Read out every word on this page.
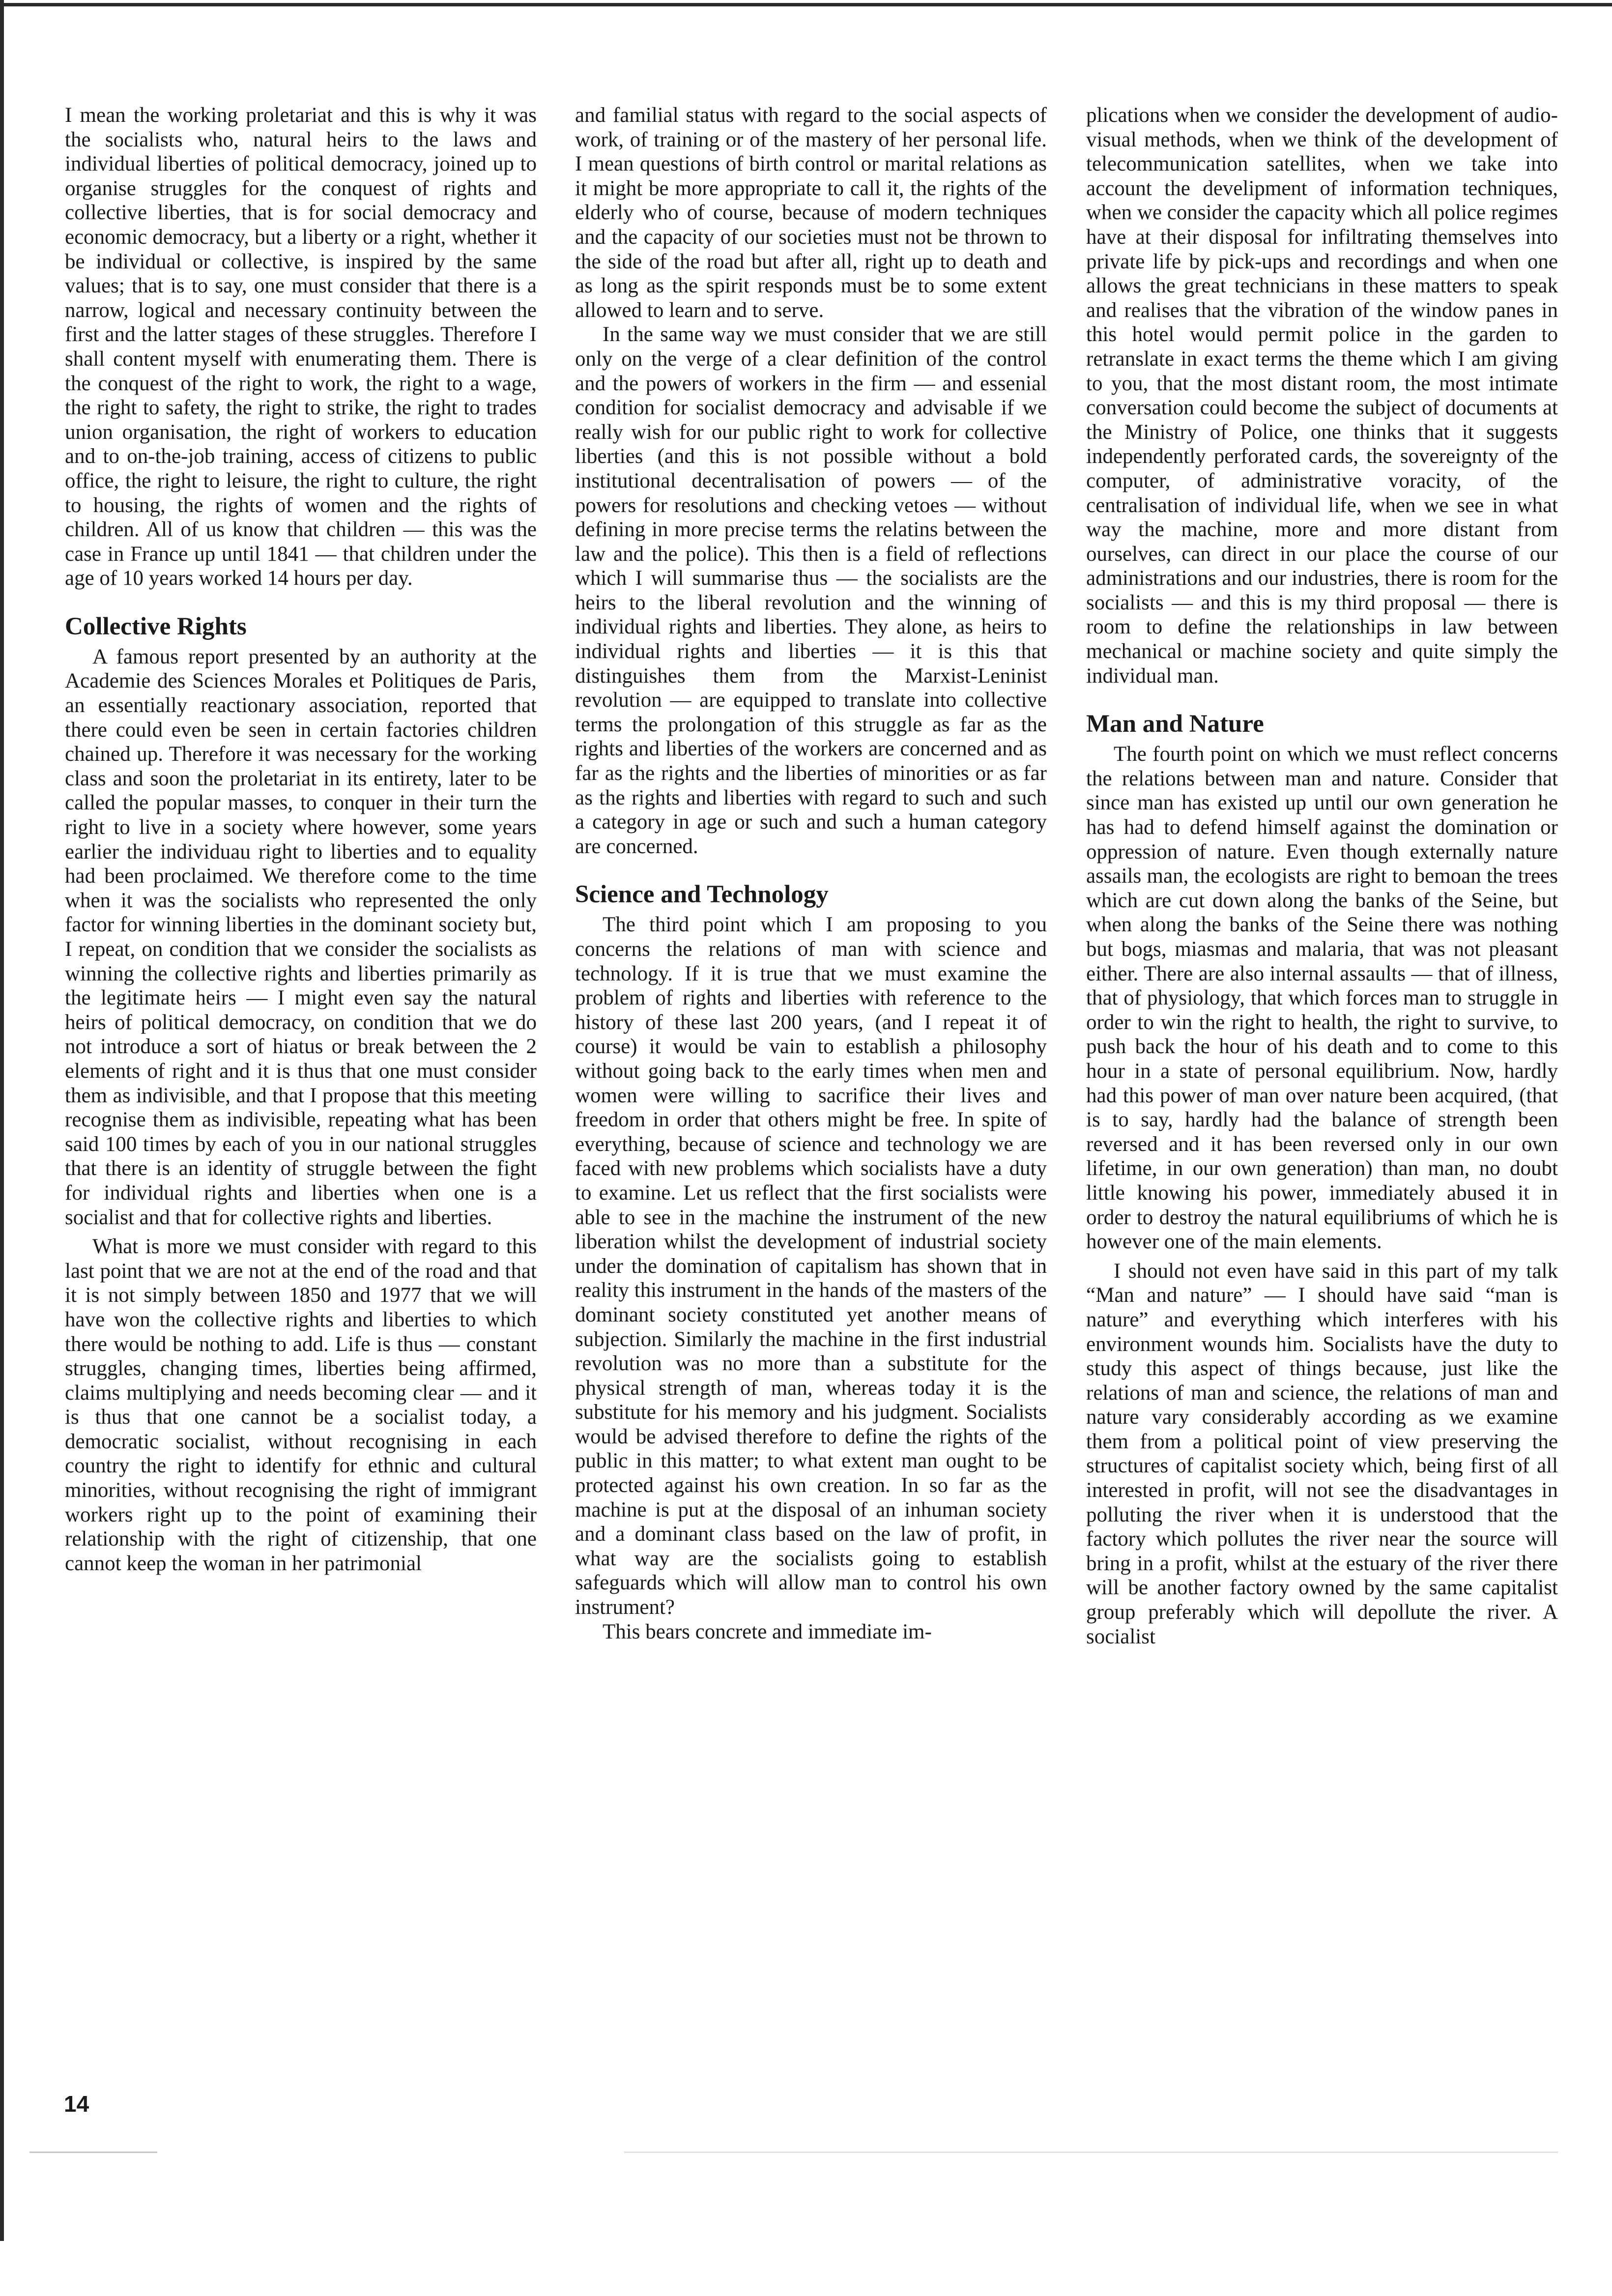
I mean the working proletariat and this is why it was the socialists who, natural heirs to the laws and individual liberties of political democracy, joined up to organise struggles for the conquest of rights and collective liberties, that is for social democracy and economic democracy, but a liberty or a right, whether it be individual or collective, is inspired by the same values; that is to say, one must consider that there is a narrow, logical and necessary continuity between the first and the latter stages of these struggles. Therefore I shall content myself with enumerating them. There is the conquest of the right to work, the right to a wage, the right to safety, the right to strike, the right to trades union organisation, the right of workers to education and to on-the-job training, access of citizens to public office, the right to leisure, the right to culture, the right to housing, the rights of women and the rights of children. All of us know that children — this was the case in France up until 1841 — that children under the age of 10 years worked 14 hours per day.

Collective Rights

A famous report presented by an authority at the Academie des Sciences Morales et Politiques de Paris, an essentially reactionary association, reported that there could even be seen in certain factories children chained up. Therefore it was necessary for the working class and soon the proletariat in its entirety, later to be called the popular masses, to conquer in their turn the right to live in a society where however, some years earlier the individuau right to liberties and to equality had been proclaimed. We therefore come to the time when it was the socialists who represented the only factor for winning liberties in the dominant society but, I repeat, on condition that we consider the socialists as winning the collective rights and liberties primarily as the legitimate heirs — I might even say the natural heirs of political democracy, on condition that we do not introduce a sort of hiatus or break between the 2 elements of right and it is thus that one must consider them as indivisible, and that I propose that this meeting recognise them as indivisible, repeating what has been said 100 times by each of you in our national struggles that there is an identity of struggle between the fight for individual rights and liberties when one is a socialist and that for collective rights and liberties.

What is more we must consider with regard to this last point that we are not at the end of the road and that it is not simply between 1850 and 1977 that we will have won the collective rights and liberties to which there would be nothing to add. Life is thus — constant struggles, changing times, liberties being affirmed, claims multiplying and needs becoming clear — and it is thus that one cannot be a socialist today, a democratic socialist, without recognising in each country the right to identify for ethnic and cultural minorities, without recognising the right of immigrant workers right up to the point of examining their relationship with the right of citizenship, that one cannot keep the woman in her patrimonial

and familial status with regard to the social aspects of work, of training or of the mastery of her personal life. I mean questions of birth control or marital relations as it might be more appropriate to call it, the rights of the elderly who of course, because of modern techniques and the capacity of our societies must not be thrown to the side of the road but after all, right up to death and as long as the spirit responds must be to some extent allowed to learn and to serve.

In the same way we must consider that we are still only on the verge of a clear definition of the control and the powers of workers in the firm — and essenial condition for socialist democracy and advisable if we really wish for our public right to work for collective liberties (and this is not possible without a bold institutional decentralisation of powers — of the powers for resolutions and checking vetoes — without defining in more precise terms the relatins between the law and the police). This then is a field of reflections which I will summarise thus — the socialists are the heirs to the liberal revolution and the winning of individual rights and liberties. They alone, as heirs to individual rights and liberties — it is this that distinguishes them from the Marxist-Leninist revolution — are equipped to translate into collective terms the prolongation of this struggle as far as the rights and liberties of the workers are concerned and as far as the rights and the liberties of minorities or as far as the rights and liberties with regard to such and such a category in age or such and such a human category are concerned.

Science and Technology

The third point which I am proposing to you concerns the relations of man with science and technology. If it is true that we must examine the problem of rights and liberties with reference to the history of these last 200 years, (and I repeat it of course) it would be vain to establish a philosophy without going back to the early times when men and women were willing to sacrifice their lives and freedom in order that others might be free. In spite of everything, because of science and technology we are faced with new problems which socialists have a duty to examine. Let us reflect that the first socialists were able to see in the machine the instrument of the new liberation whilst the development of industrial society under the domination of capitalism has shown that in reality this instrument in the hands of the masters of the dominant society constituted yet another means of subjection. Similarly the machine in the first industrial revolution was no more than a substitute for the physical strength of man, whereas today it is the substitute for his memory and his judgment. Socialists would be advised therefore to define the rights of the public in this matter; to what extent man ought to be protected against his own creation. In so far as the machine is put at the disposal of an inhuman society and a dominant class based on the law of profit, in what way are the socialists going to establish safeguards which will allow man to control his own instrument?

This bears concrete and immediate im-

plications when we consider the development of audio-visual methods, when we think of the development of telecommunication satellites, when we take into account the develipment of information techniques, when we consider the capacity which all police regimes have at their disposal for infiltrating themselves into private life by pick-ups and recordings and when one allows the great technicians in these matters to speak and realises that the vibration of the window panes in this hotel would permit police in the garden to retranslate in exact terms the theme which I am giving to you, that the most distant room, the most intimate conversation could become the subject of documents at the Ministry of Police, one thinks that it suggests independently perforated cards, the sovereignty of the computer, of administrative voracity, of the centralisation of individual life, when we see in what way the machine, more and more distant from ourselves, can direct in our place the course of our administrations and our industries, there is room for the socialists — and this is my third proposal — there is room to define the relationships in law between mechanical or machine society and quite simply the individual man.

Man and Nature

The fourth point on which we must reflect concerns the relations between man and nature. Consider that since man has existed up until our own generation he has had to defend himself against the domination or oppression of nature. Even though externally nature assails man, the ecologists are right to bemoan the trees which are cut down along the banks of the Seine, but when along the banks of the Seine there was nothing but bogs, miasmas and malaria, that was not pleasant either. There are also internal assaults — that of illness, that of physiology, that which forces man to struggle in order to win the right to health, the right to survive, to push back the hour of his death and to come to this hour in a state of personal equilibrium. Now, hardly had this power of man over nature been acquired, (that is to say, hardly had the balance of strength been reversed and it has been reversed only in our own lifetime, in our own generation) than man, no doubt little knowing his power, immediately abused it in order to destroy the natural equilibriums of which he is however one of the main elements.

I should not even have said in this part of my talk “Man and nature” — I should have said “man is nature” and everything which interferes with his environment wounds him. Socialists have the duty to study this aspect of things because, just like the relations of man and science, the relations of man and nature vary considerably according as we examine them from a political point of view preserving the structures of capitalist society which, being first of all interested in profit, will not see the disadvantages in polluting the river when it is understood that the factory which pollutes the river near the source will bring in a profit, whilst at the estuary of the river there will be another factory owned by the same capitalist group preferably which will depollute the river. A socialist

14
